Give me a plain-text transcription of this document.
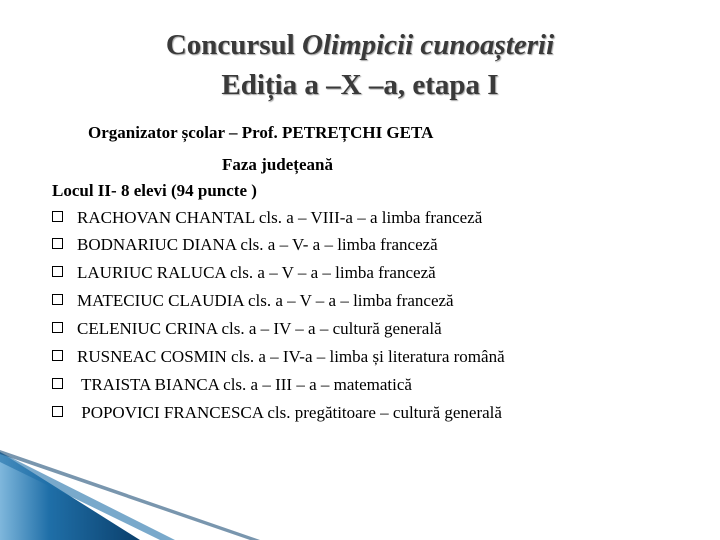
Concursul Olimpicii cunoașterii
Ediția a –X –a, etapa I
Organizator școlar – Prof. PETREȚCHI GETA
Faza județeană
Locul II- 8 elevi (94 puncte )
RACHOVAN CHANTAL cls. a – VIII-a – a limba franceză
BODNARIUC DIANA cls. a – V- a – limba franceză
LAURIUC RALUCA cls. a – V – a – limba franceză
MATECIUC CLAUDIA cls. a – V – a – limba franceză
CELENIUC CRINA cls. a – IV – a – cultură generală
RUSNEAC COSMIN cls. a – IV-a – limba și literatura română
TRAISTA BIANCA cls. a – III – a – matematică
POPOVICI FRANCESCA cls. pregătitoare – cultură generală
